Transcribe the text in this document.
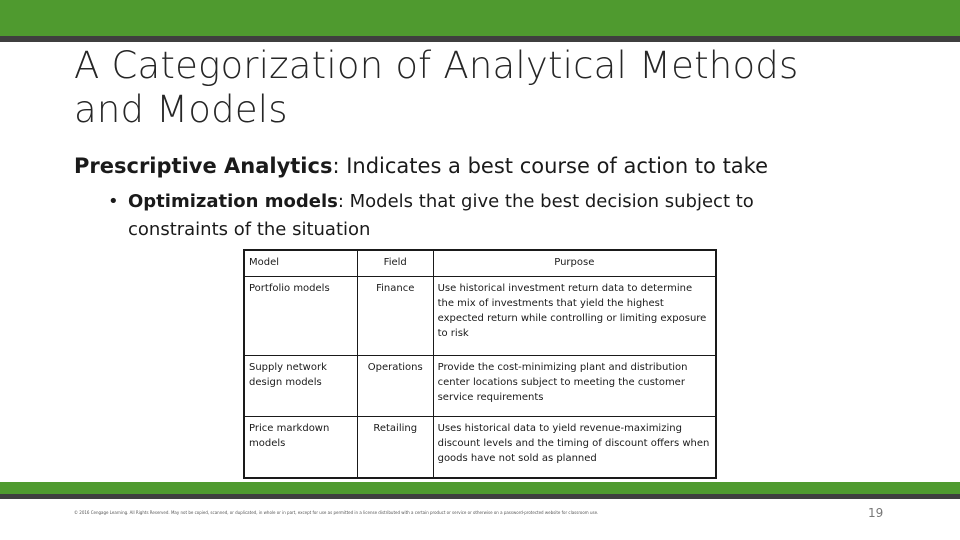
A Categorization of Analytical Methods and Models
Prescriptive Analytics: Indicates a best course of action to take
• Optimization models: Models that give the best decision subject to constraints of the situation
Model	Field	Purpose
Portfolio models	Finance	Use historical investment return data to determine the mix of investments that yield the highest expected return while controlling or limiting exposure to risk
Supply network design models	Operations	Provide the cost-minimizing plant and distribution center locations subject to meeting the customer service requirements
Price markdown models	Retailing	Uses historical data to yield revenue-maximizing discount levels and the timing of discount offers when goods have not sold as planned
© 2016 Cengage Learning. All Rights Reserved. May not be copied, scanned, or duplicated, in whole or in part, except for use as permitted in a license distributed with a certain product or service or otherwise on a password-protected website for classroom use.	19
